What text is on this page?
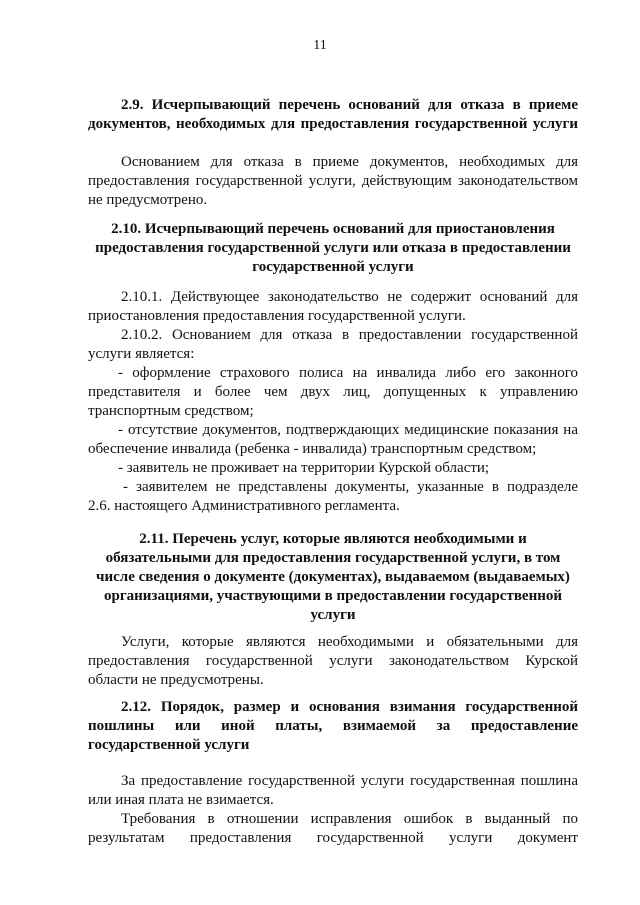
11
2.9. Исчерпывающий перечень оснований для отказа в приеме
документов, необходимых для предоставления государственной услуги
Основанием для отказа в приеме документов, необходимых для
предоставления государственной услуги, действующим законодательством
не предусмотрено.
2.10. Исчерпывающий перечень оснований для приостановления
предоставления государственной услуги или отказа в предоставлении
государственной услуги
2.10.1. Действующее законодательство не содержит оснований для
приостановления предоставления государственной услуги.
2.10.2. Основанием для отказа в предоставлении государственной
услуги является:
- оформление страхового полиса на инвалида либо его законного
представителя и более чем двух лиц, допущенных к управлению
транспортным средством;
- отсутствие документов, подтверждающих медицинские показания на
обеспечение инвалида (ребенка - инвалида) транспортным средством;
- заявитель не проживает на территории Курской области;
- заявителем не представлены документы, указанные в подразделе
2.6. настоящего Административного регламента.
2.11. Перечень услуг, которые являются необходимыми и
обязательными для предоставления государственной услуги, в том
числе сведения о документе (документах), выдаваемом (выдаваемых)
организациями, участвующими в предоставлении государственной
услуги
Услуги, которые являются необходимыми и обязательными для
предоставления государственной услуги законодательством Курской
области не предусмотрены.
2.12. Порядок, размер и основания взимания государственной
пошлины или иной платы, взимаемой за предоставление
государственной услуги
За предоставление государственной услуги государственная пошлина
или иная плата не взимается.
Требования в отношении исправления ошибок в выданный по
результатам предоставления государственной услуги документ
